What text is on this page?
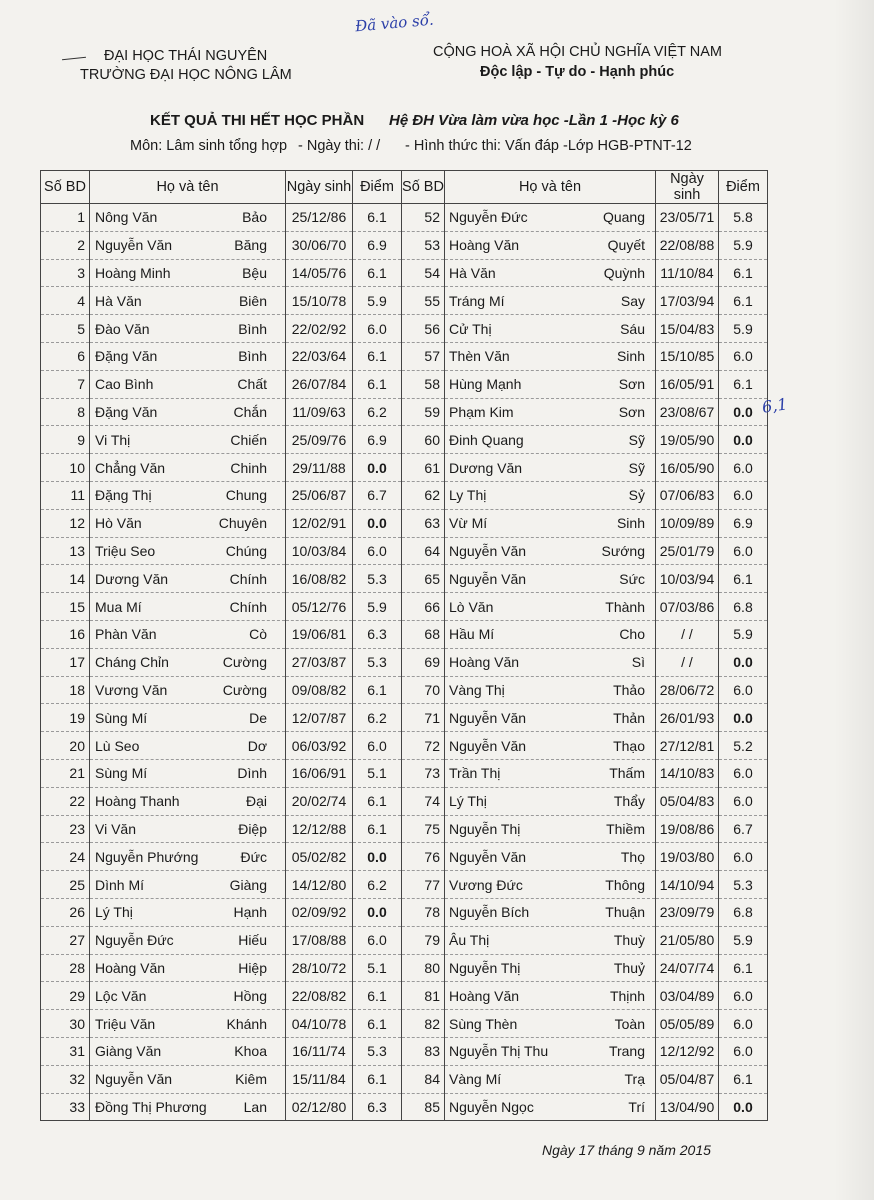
Đã vào sổ.
ĐẠI HỌC THÁI NGUYÊN
TRƯỜNG ĐẠI HỌC NÔNG LÂM
CỘNG HOÀ XÃ HỘI CHỦ NGHĨA VIỆT NAM
Độc lập - Tự do - Hạnh phúc
KẾT QUẢ THI HẾT HỌC PHẦN Hệ ĐH Vừa làm vừa học -Lần 1 -Học kỳ 6
Môn: Lâm sinh tổng hợp - Ngày thi: / / - Hình thức thi: Vấn đáp -Lớp HGB-PTNT-12
Số BD	Họ và tên	Ngày sinh	Điểm	Số BD	Họ và tên	Ngày sinh	Điểm
1	Nông Văn Bảo	25/12/86	6.1	52	Nguyễn Đức Quang	23/05/71	5.8
2	Nguyễn Văn Băng	30/06/70	6.9	53	Hoàng Văn Quyết	22/08/88	5.9
3	Hoàng Minh Bệu	14/05/76	6.1	54	Hà Văn Quỳnh	11/10/84	6.1
4	Hà Văn Biên	15/10/78	5.9	55	Tráng Mí Say	17/03/94	6.1
5	Đào Văn Bình	22/02/92	6.0	56	Cử Thị Sáu	15/04/83	5.9
6	Đặng Văn Bình	22/03/64	6.1	57	Thèn Văn Sinh	15/10/85	6.0
7	Cao Bình Chất	26/07/84	6.1	58	Hùng Mạnh Sơn	16/05/91	6.1
8	Đặng Văn Chắn	11/09/63	6.2	59	Phạm Kim Sơn	23/08/67	0.0
9	Vi Thị Chiến	25/09/76	6.9	60	Đinh Quang Sỹ	19/05/90	0.0
10	Chẳng Văn Chinh	29/11/88	0.0	61	Dương Văn Sỹ	16/05/90	6.0
11	Đặng Thị Chung	25/06/87	6.7	62	Ly Thị Sỷ	07/06/83	6.0
12	Hò Văn Chuyên	12/02/91	0.0	63	Vừ Mí Sinh	10/09/89	6.9
13	Triệu Seo Chúng	10/03/84	6.0	64	Nguyễn Văn Sướng	25/01/79	6.0
14	Dương Văn Chính	16/08/82	5.3	65	Nguyễn Văn Sức	10/03/94	6.1
15	Mua Mí Chính	05/12/76	5.9	66	Lò Văn Thành	07/03/86	6.8
16	Phàn Văn Cò	19/06/81	6.3	68	Hầu Mí Cho	/ /	5.9
17	Cháng Chỉn Cường	27/03/87	5.3	69	Hoàng Văn Sì	/ /	0.0
18	Vương Văn Cường	09/08/82	6.1	70	Vàng Thị Thảo	28/06/72	6.0
19	Sùng Mí De	12/07/87	6.2	71	Nguyễn Văn Thản	26/01/93	0.0
20	Lù Seo Dơ	06/03/92	6.0	72	Nguyễn Văn Thạo	27/12/81	5.2
21	Sùng Mí Dình	16/06/91	5.1	73	Trần Thị Thấm	14/10/83	6.0
22	Hoàng Thanh Đại	20/02/74	6.1	74	Lý Thị Thẩy	05/04/83	6.0
23	Vi Văn Điệp	12/12/88	6.1	75	Nguyễn Thị Thiềm	19/08/86	6.7
24	Nguyễn Phướng Đức	05/02/82	0.0	76	Nguyễn Văn Thọ	19/03/80	6.0
25	Dình Mí Giàng	14/12/80	6.2	77	Vương Đức Thông	14/10/94	5.3
26	Lý Thị Hạnh	02/09/92	0.0	78	Nguyễn Bích Thuận	23/09/79	6.8
27	Nguyễn Đức Hiếu	17/08/88	6.0	79	Âu Thị Thuỳ	21/05/80	5.9
28	Hoàng Văn Hiệp	28/10/72	5.1	80	Nguyễn Thị Thuỷ	24/07/74	6.1
29	Lộc Văn Hồng	22/08/82	6.1	81	Hoàng Văn Thịnh	03/04/89	6.0
30	Triệu Văn Khánh	04/10/78	6.1	82	Sùng Thèn Toàn	05/05/89	6.0
31	Giàng Văn Khoa	16/11/74	5.3	83	Nguyễn Thị Thu Trang	12/12/92	6.0
32	Nguyễn Văn Kiêm	15/11/84	6.1	84	Vàng Mí Trạ	05/04/87	6.1
33	Đồng Thị Phương Lan	02/12/80	6.3	85	Nguyễn Ngọc Trí	13/04/90	0.0
6,1
Ngày 17 tháng 9 năm 2015
